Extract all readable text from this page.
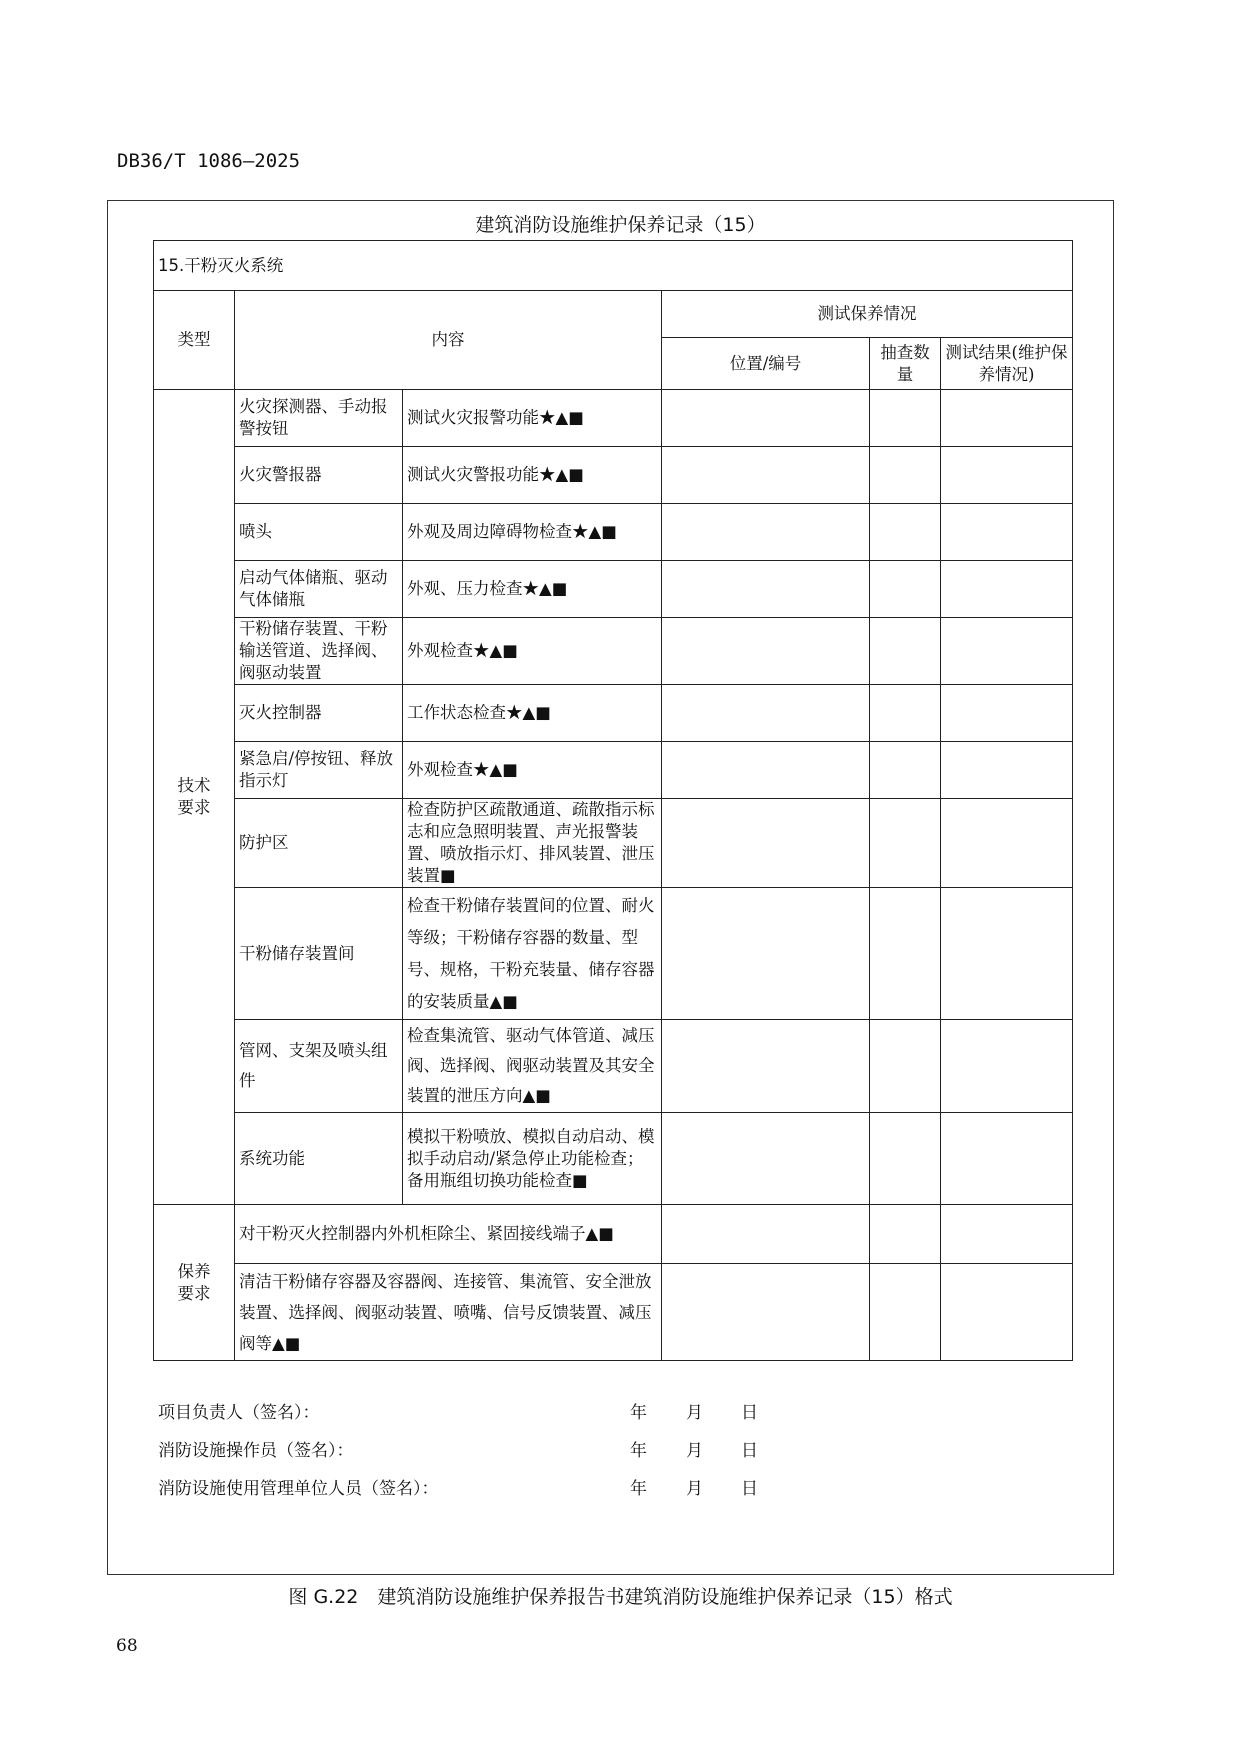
DB36/T 1086—2025
建筑消防设施维护保养记录（15）
15.干粉灭火系统					
类型	内容		测试保养情况		
			位置/编号	抽查数量	测试结果(维护保养情况)

技术要求	火灾探测器、手动报警按钮	测试火灾报警功能★▲■			
	火灾警报器	测试火灾警报功能★▲■			
	喷头	外观及周边障碍物检查★▲■			
	启动气体储瓶、驱动气体储瓶	外观、压力检查★▲■			
	干粉储存装置、干粉输送管道、选择阀、阀驱动装置	外观检查★▲■			
	灭火控制器	工作状态检查★▲■			
	紧急启/停按钮、释放指示灯	外观检查★▲■			
	防护区	检查防护区疏散通道、疏散指示标志和应急照明装置、声光报警装置、喷放指示灯、排风装置、泄压装置■			
	干粉储存装置间	检查干粉储存装置间的位置、耐火等级；干粉储存容器的数量、型号、规格，干粉充装量、储存容器的安装质量▲■			
	管网、支架及喷头组件	检查集流管、驱动气体管道、减压阀、选择阀、阀驱动装置及其安全装置的泄压方向▲■			
	系统功能	模拟干粉喷放、模拟自动启动、模拟手动启动/紧急停止功能检查；备用瓶组切换功能检查■			

保养要求	对干粉灭火控制器内外机柜除尘、紧固接线端子▲■				
	清洁干粉储存容器及容器阀、连接管、集流管、安全泄放装置、选择阀、阀驱动装置、喷嘴、信号反馈装置、减压阀等▲■				
项目负责人（签名）：	年 月 日
消防设施操作员（签名）：	年 月 日
消防设施使用管理单位人员（签名）：	年 月 日
图 G.22　建筑消防设施维护保养报告书建筑消防设施维护保养记录（15）格式
68
